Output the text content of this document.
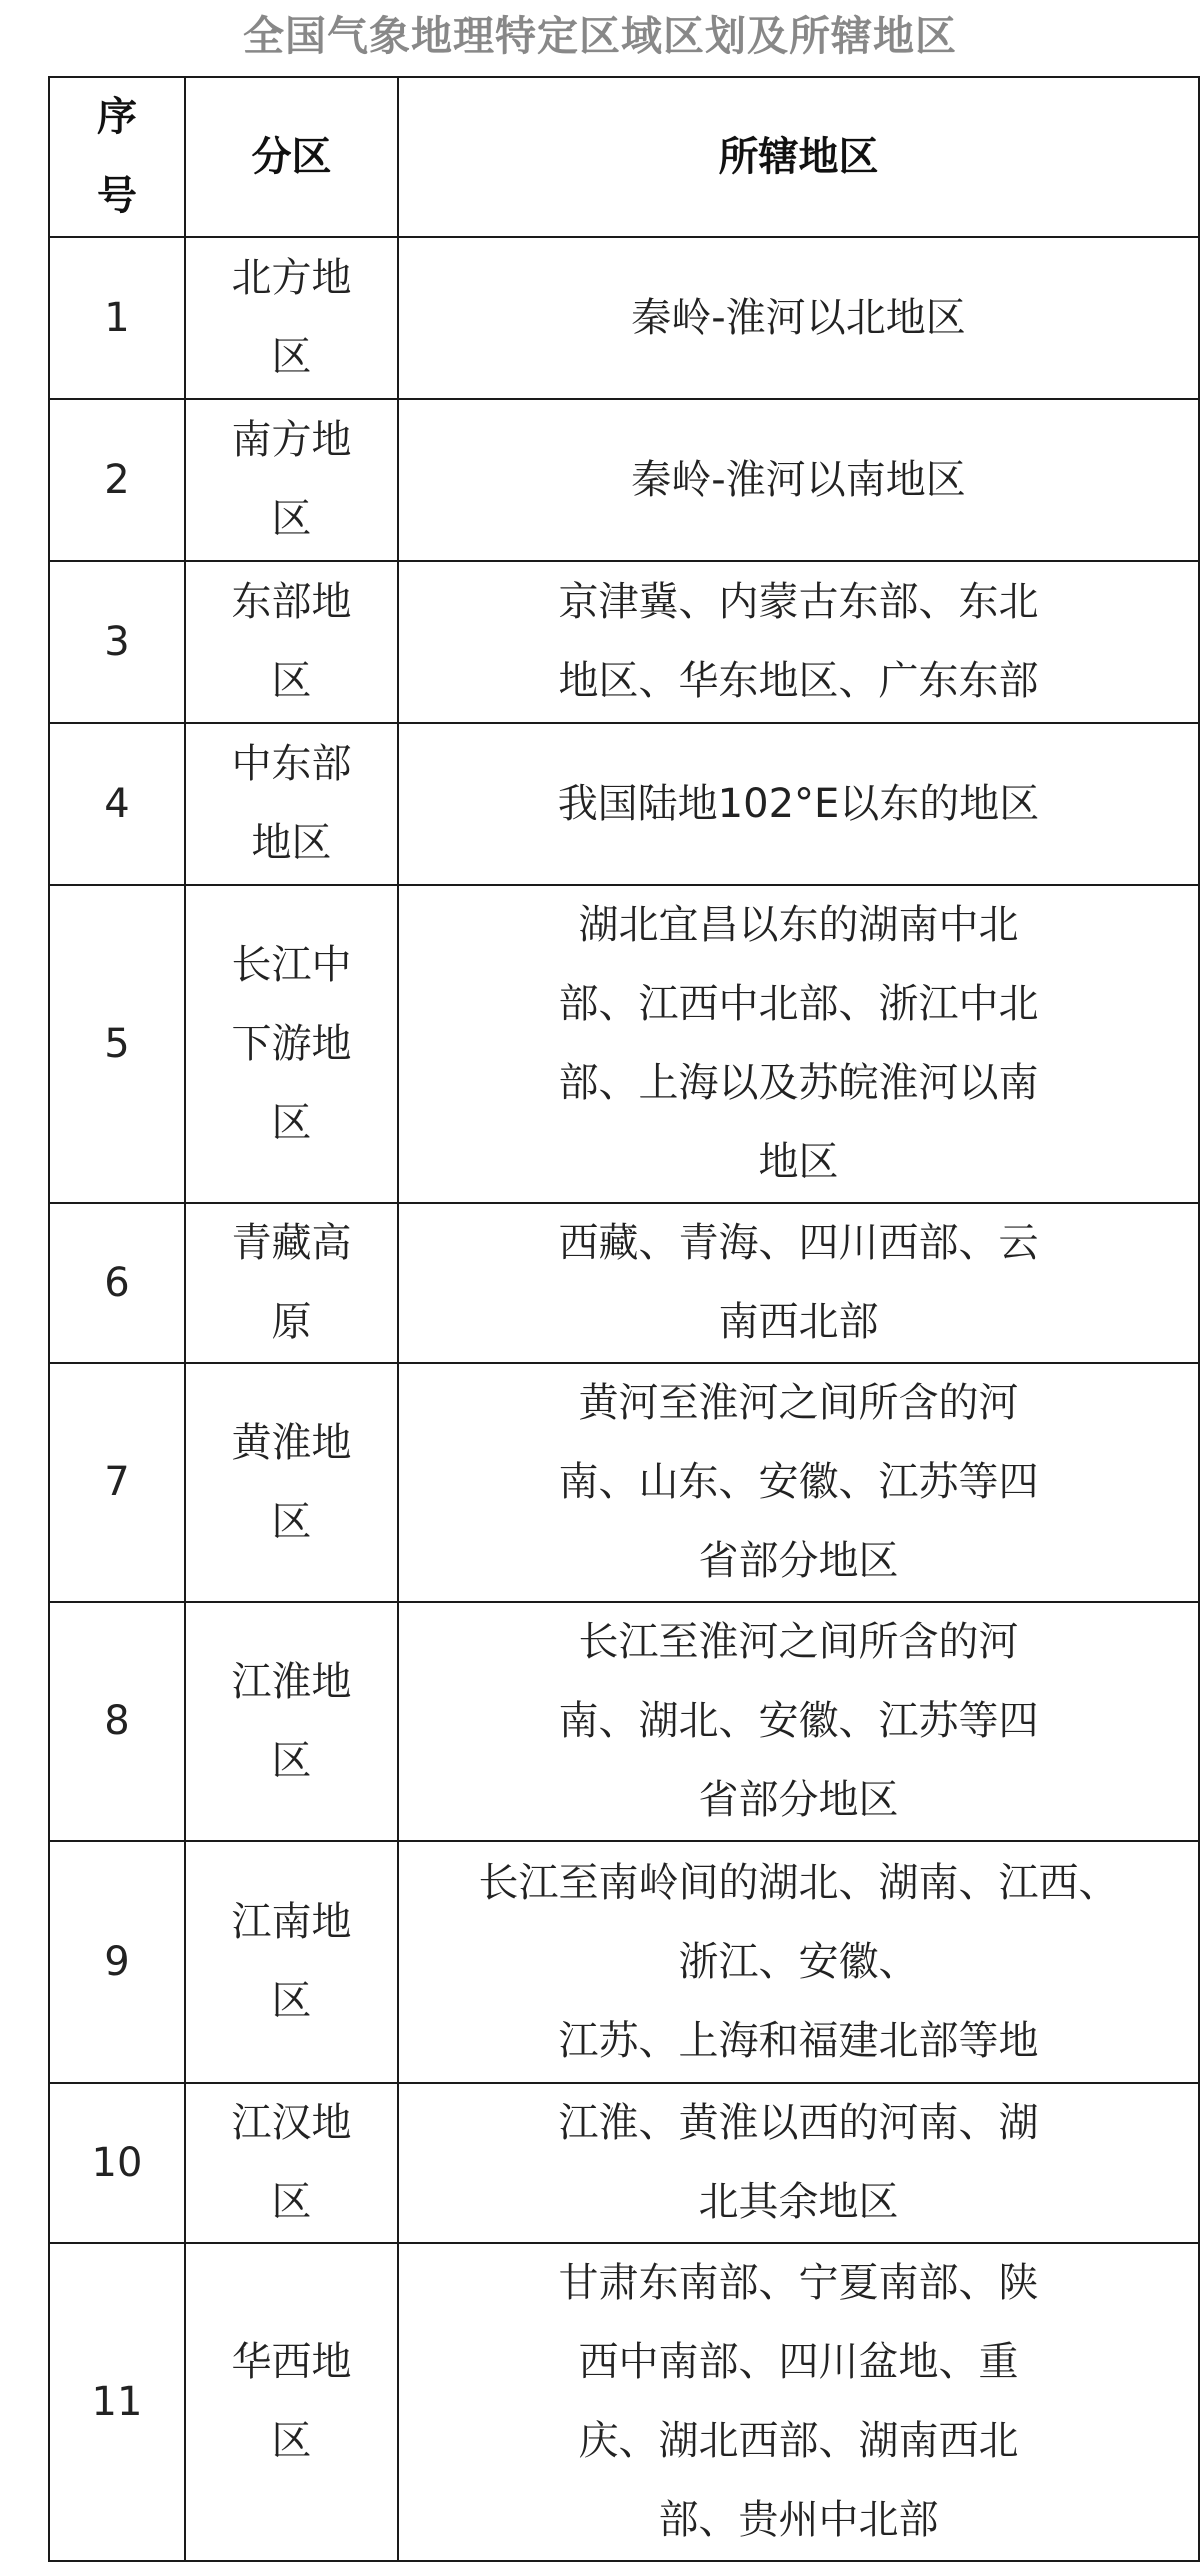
全国气象地理特定区域区划及所辖地区
序号	分区	所辖地区
1	北方地区	秦岭-淮河以北地区
2	南方地区	秦岭-淮河以南地区
3	东部地区	京津冀、内蒙古东部、东北地区、华东地区、广东东部
4	中东部地区	我国陆地102°E以东的地区
5	长江中下游地区	湖北宜昌以东的湖南中北部、江西中北部、浙江中北部、上海以及苏皖淮河以南地区
6	青藏高原	西藏、青海、四川西部、云南西北部
7	黄淮地区	黄河至淮河之间所含的河南、山东、安徽、江苏等四省部分地区
8	江淮地区	长江至淮河之间所含的河南、湖北、安徽、江苏等四省部分地区
9	江南地区	长江至南岭间的湖北、湖南、江西、
浙江、安徽、
江苏、上海和福建北部等地

10	江汉地区	江淮、黄淮以西的河南、湖北其余地区
11	华西地区	甘肃东南部、宁夏南部、陕西中南部、四川盆地、重庆、湖北西部、湖南西北部、贵州中北部
